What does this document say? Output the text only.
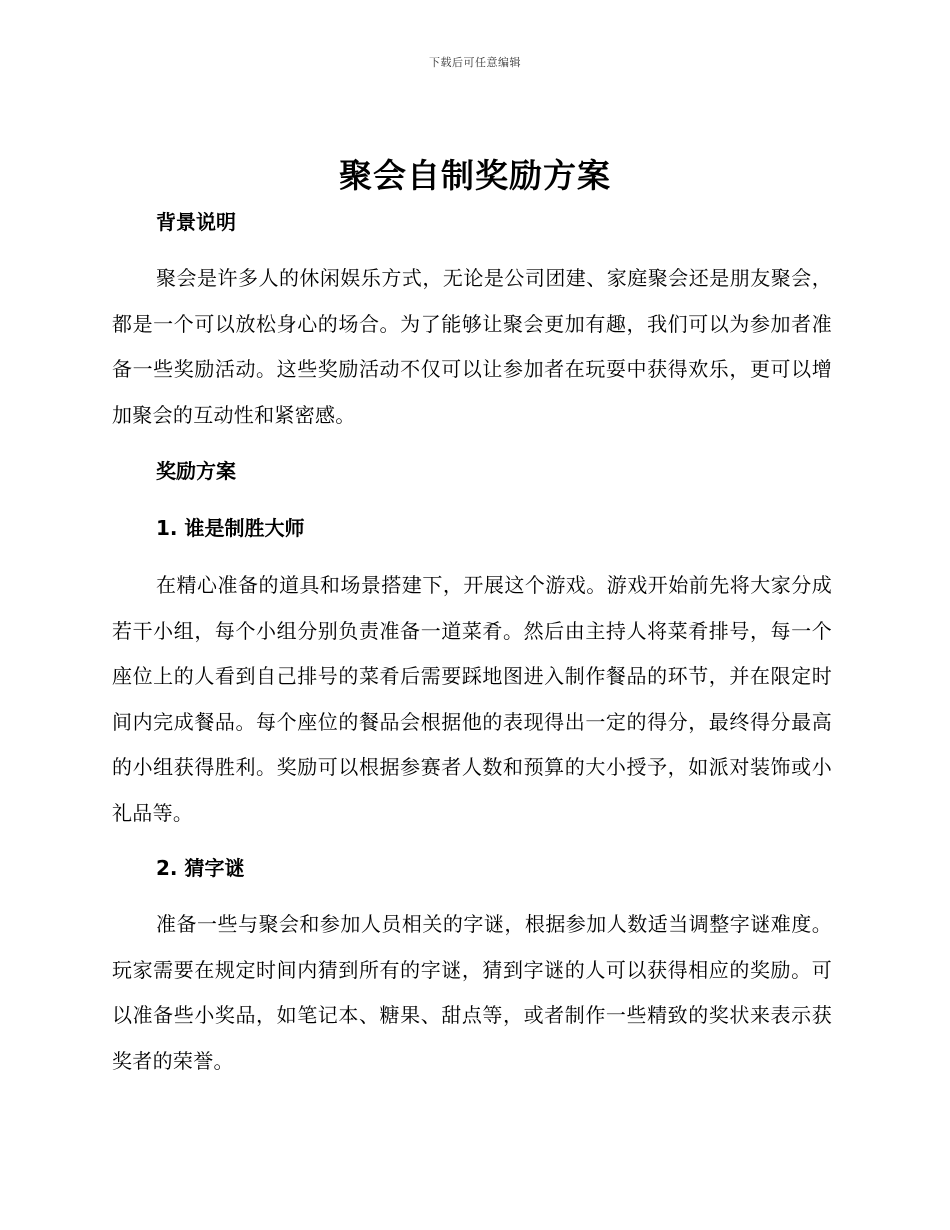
下载后可任意编辑
聚会自制奖励方案
背景说明

聚会是许多人的休闲娱乐方式，无论是公司团建、家庭聚会还是朋友聚会，都是一个可以放松身心的场合。为了能够让聚会更加有趣，我们可以为参加者准备一些奖励活动。这些奖励活动不仅可以让参加者在玩耍中获得欢乐，更可以增加聚会的互动性和紧密感。

奖励方案
1. 谁是制胜大师

在精心准备的道具和场景搭建下，开展这个游戏。游戏开始前先将大家分成若干小组，每个小组分别负责准备一道菜肴。然后由主持人将菜肴排号，每一个座位上的人看到自己排号的菜肴后需要踩地图进入制作餐品的环节，并在限定时间内完成餐品。每个座位的餐品会根据他的表现得出一定的得分，最终得分最高的小组获得胜利。奖励可以根据参赛者人数和预算的大小授予，如派对装饰或小礼品等。

2. 猜字谜

准备一些与聚会和参加人员相关的字谜，根据参加人数适当调整字谜难度。玩家需要在规定时间内猜到所有的字谜，猜到字谜的人可以获得相应的奖励。可以准备些小奖品，如笔记本、糖果、甜点等，或者制作一些精致的奖状来表示获奖者的荣誉。
